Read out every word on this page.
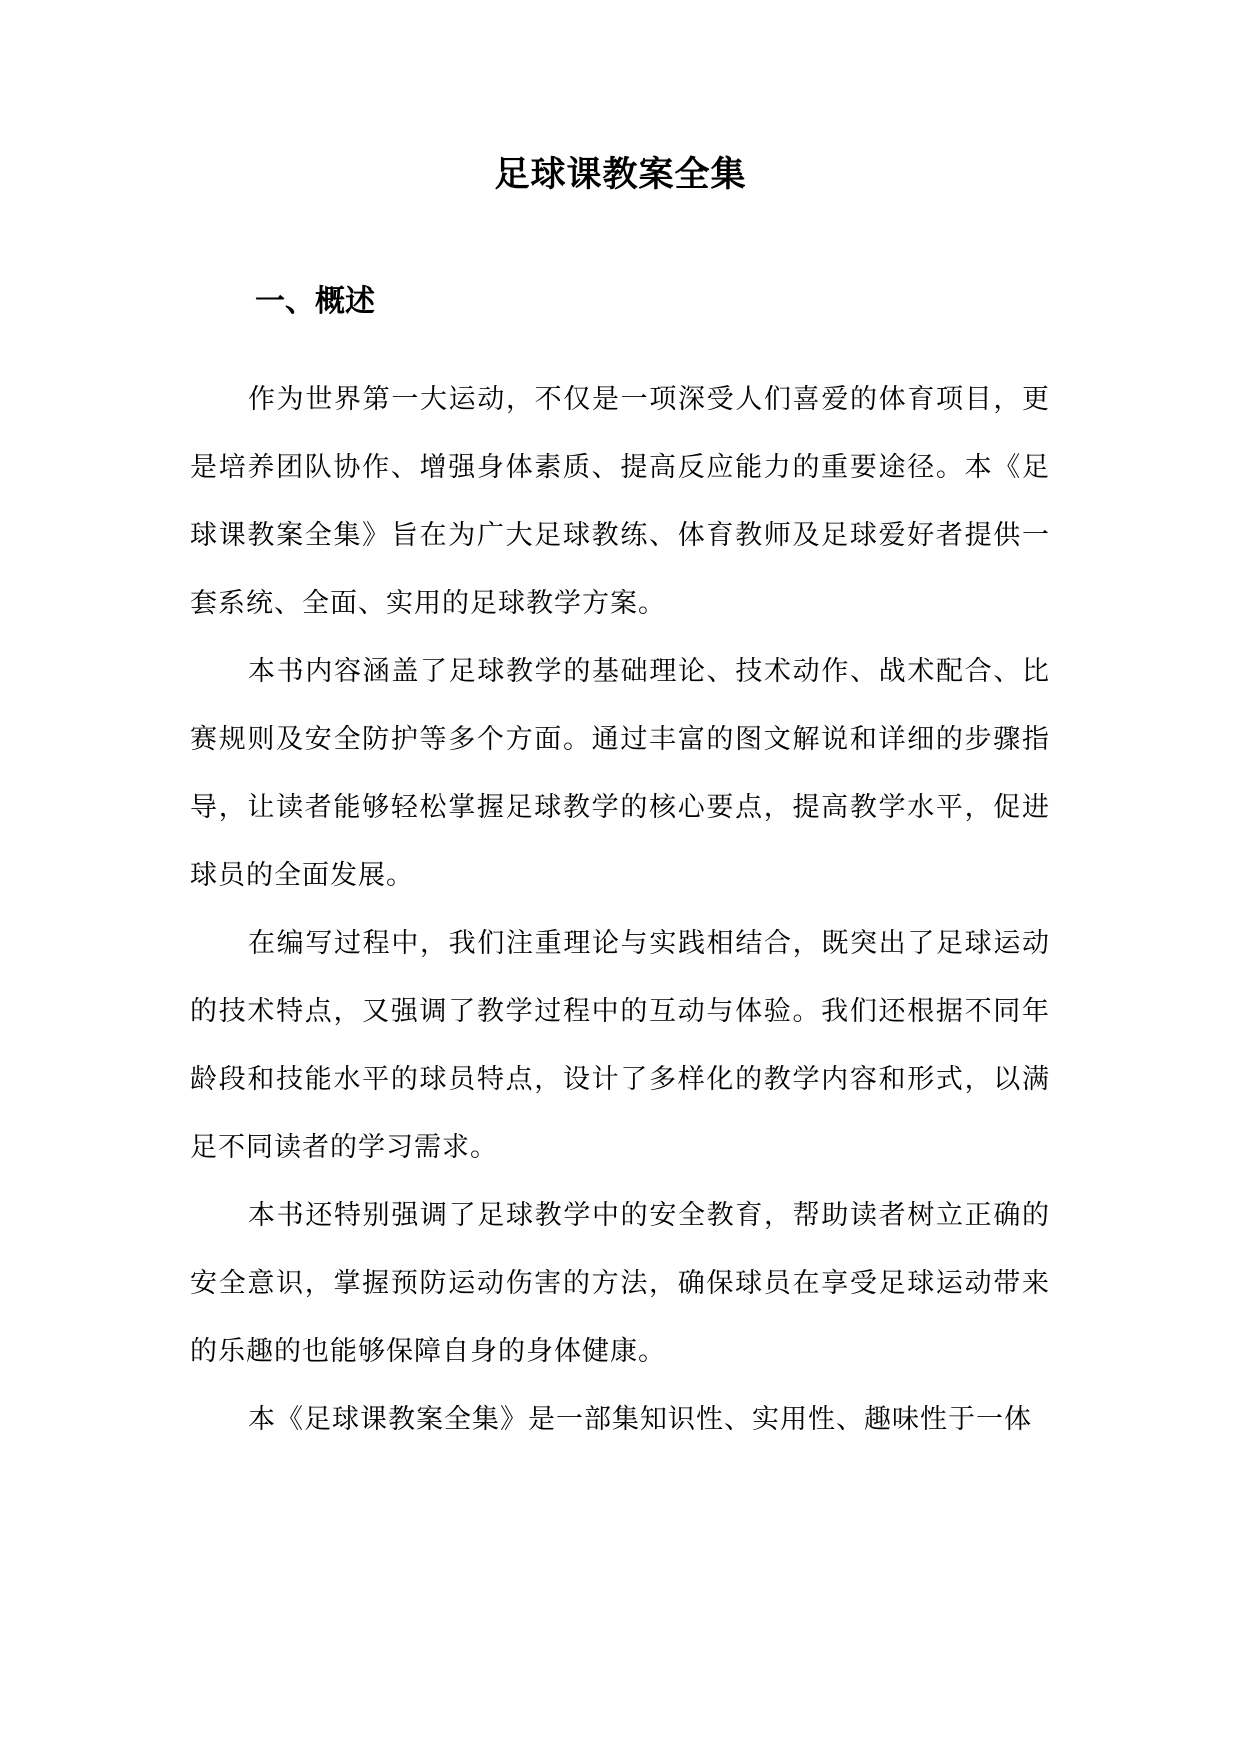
足球课教案全集
一、概述

作为世界第一大运动，不仅是一项深受人们喜爱的体育项目，更是培养团队协作、增强身体素质、提高反应能力的重要途径。本《足球课教案全集》旨在为广大足球教练、体育教师及足球爱好者提供一套系统、全面、实用的足球教学方案。

本书内容涵盖了足球教学的基础理论、技术动作、战术配合、比赛规则及安全防护等多个方面。通过丰富的图文解说和详细的步骤指导，让读者能够轻松掌握足球教学的核心要点，提高教学水平，促进球员的全面发展。

在编写过程中，我们注重理论与实践相结合，既突出了足球运动的技术特点，又强调了教学过程中的互动与体验。我们还根据不同年龄段和技能水平的球员特点，设计了多样化的教学内容和形式，以满足不同读者的学习需求。

本书还特别强调了足球教学中的安全教育，帮助读者树立正确的安全意识，掌握预防运动伤害的方法，确保球员在享受足球运动带来的乐趣的也能够保障自身的身体健康。

本《足球课教案全集》是一部集知识性、实用性、趣味性于一体
